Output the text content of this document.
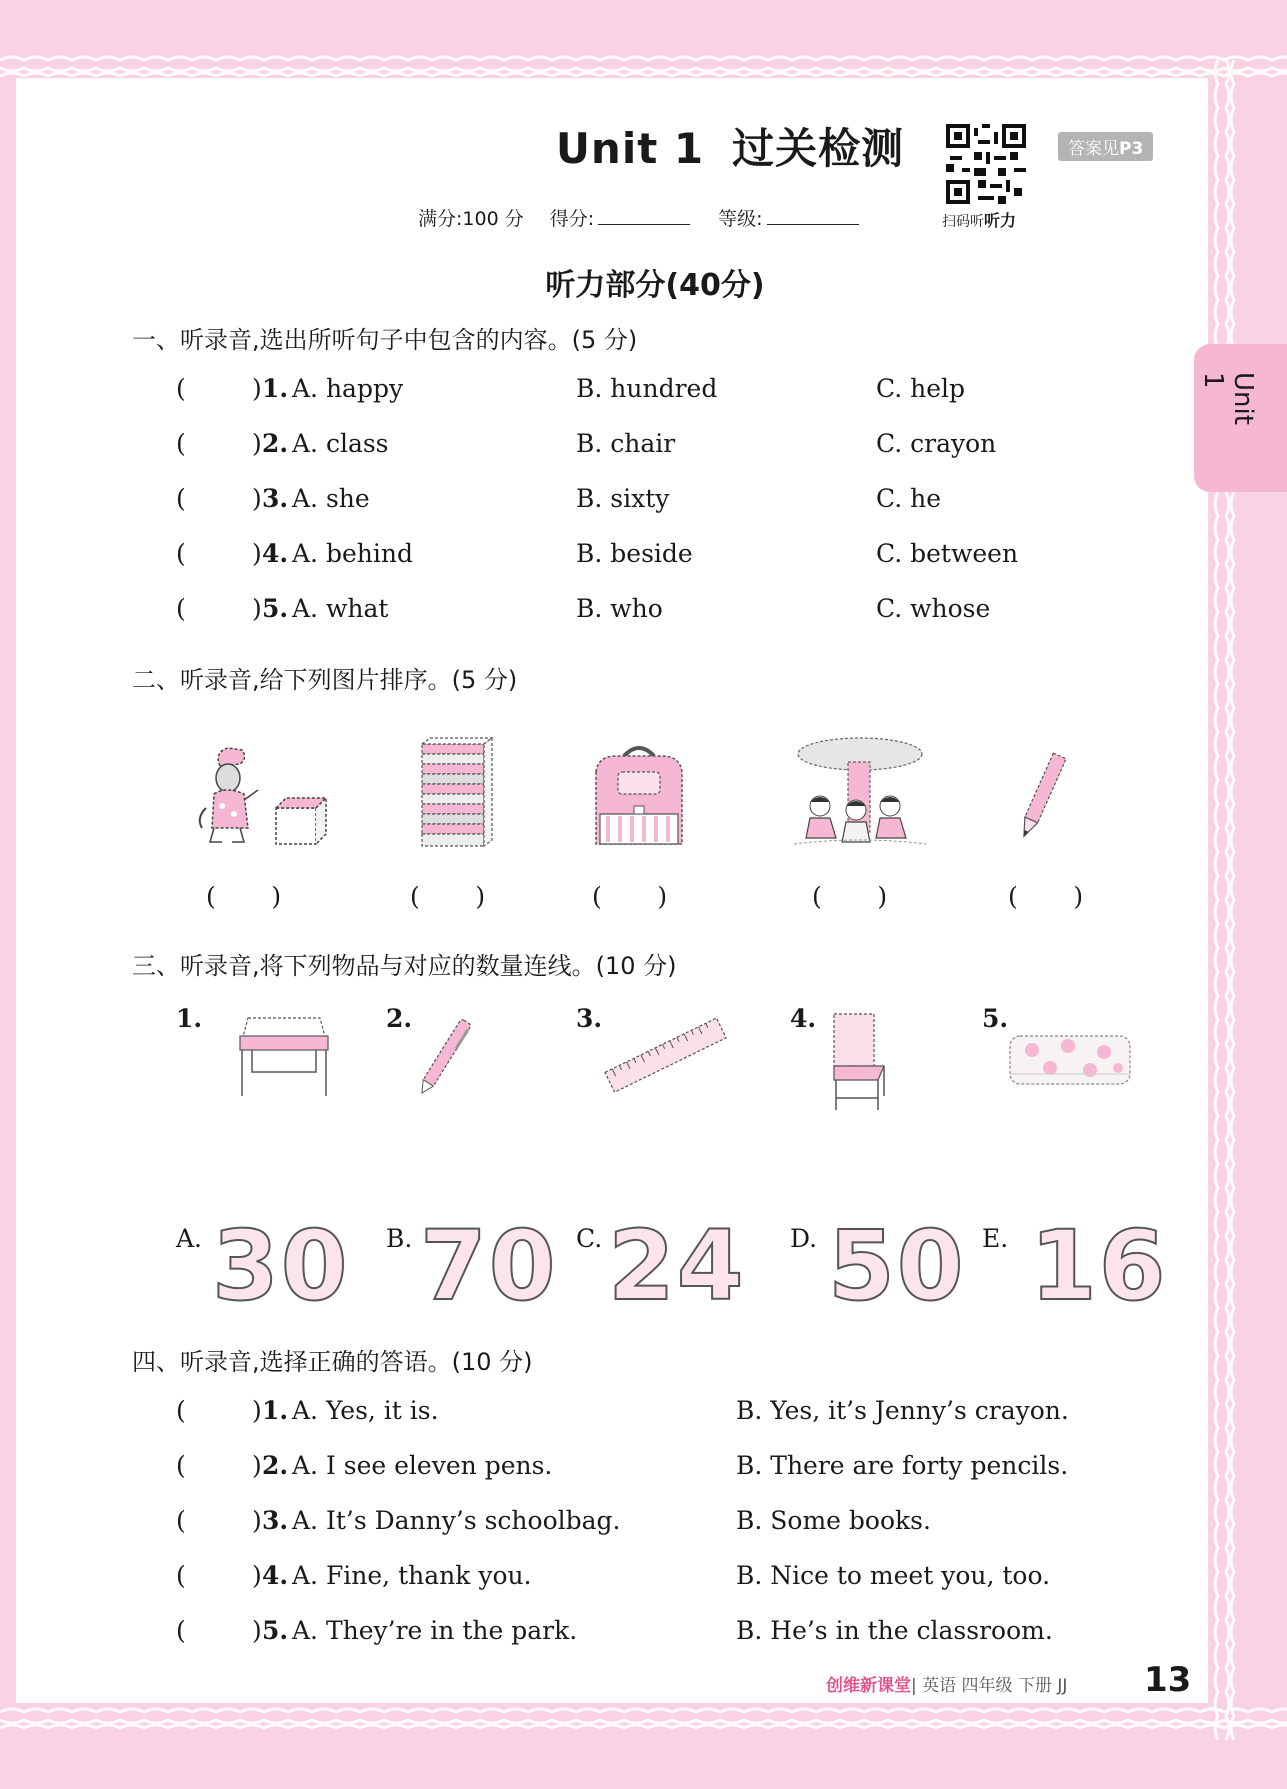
Unit 1
Unit 1 过关检测	答案见P3
扫码听听力
满分:100 分 得分:	等级:
听力部分(40分)
一、听录音,选出所听句子中包含的内容。(5 分)
(	) 1. A. happy	B. hundred	C. help
(	) 2. A. class	B. chair	C. crayon
(	) 3. A. she	B. sixty	C. he
(	) 4. A. behind	B. beside	C. between
(	) 5. A. what	B. who	C. whose
二、听录音,给下列图片排序。(5 分)
(       )	(       )	(       )	(       )	(       )
三、听录音,将下列物品与对应的数量连线。(10 分)
1.	2.	3.	4.	5.
A.	B.	C.	D.	E.
30 70 24 50 16
四、听录音,选择正确的答语。(10 分)
(	) 1. A. Yes, it is.	B. Yes, it’s Jenny’s crayon.
(	) 2. A. I see eleven pens.	B. There are forty pencils.
(	) 3. A. It’s Danny’s schoolbag.	B. Some books.
(	) 4. A. Fine, thank you.	B. Nice to meet you, too.
(	) 5. A. They’re in the park.	B. He’s in the classroom.
创维新课堂| 英语 四年级 下册 JJ 13
